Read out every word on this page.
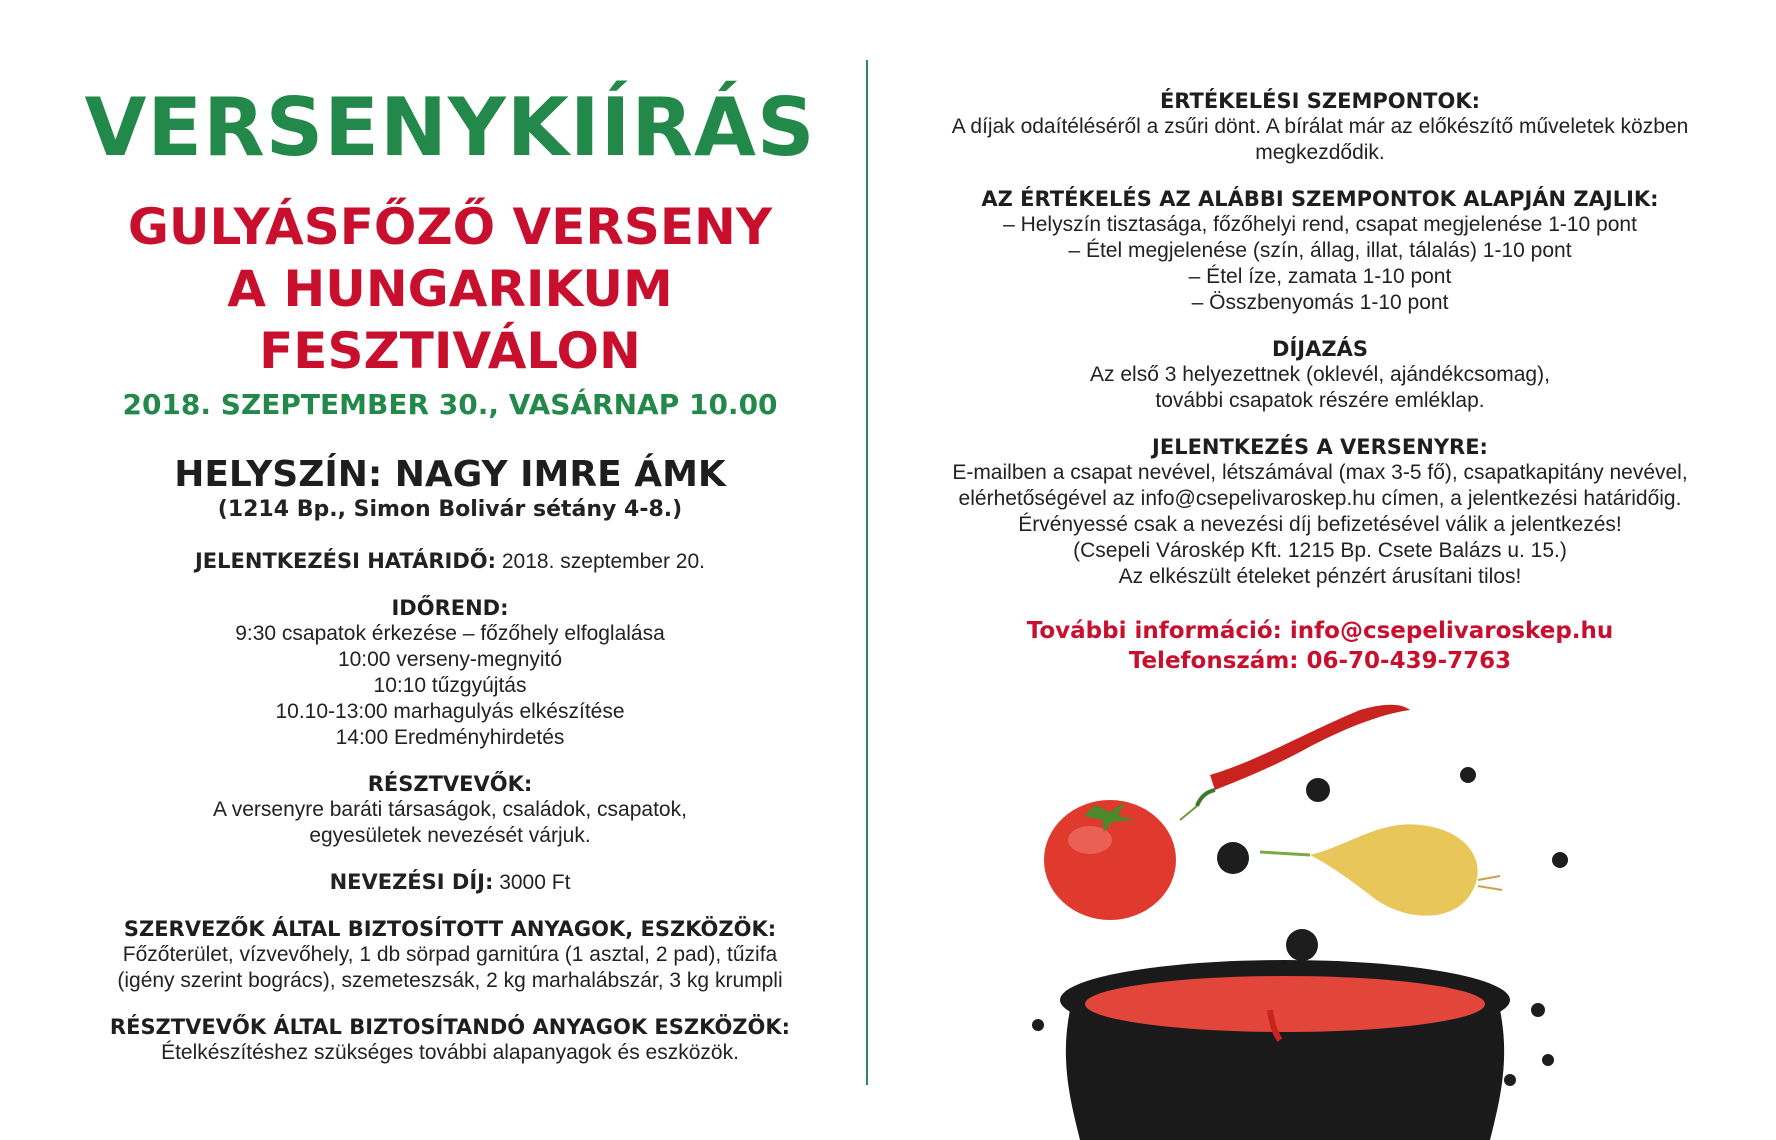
VERSENYKIÍRÁS
GULYÁSFŐZŐ VERSENY
A HUNGARIKUM
FESZTIVÁLON
2018. SZEPTEMBER 30., VASÁRNAP 10.00
HELYSZÍN: NAGY IMRE ÁMK
(1214 Bp., Simon Bolivár sétány 4-8.)
JELENTKEZÉSI HATÁRIDŐ: 2018. szeptember 20.
IDŐREND:
9:30 csapatok érkezése – főzőhely elfoglalása
10:00 verseny-megnyitó
10:10 tűzgyújtás
10.10-13:00 marhagulyás elkészítése
14:00 Eredményhirdetés
RÉSZTVEVŐK:
A versenyre baráti társaságok, családok, csapatok,
egyesületek nevezését várjuk.
NEVEZÉSI DÍJ: 3000 Ft
SZERVEZŐK ÁLTAL BIZTOSÍTOTT ANYAGOK, ESZKÖZÖK:
Főzőterület, vízvevőhely, 1 db sörpad garnitúra (1 asztal, 2 pad), tűzifa
(igény szerint bogrács), szemeteszsák, 2 kg marhalábszár, 3 kg krumpli
RÉSZTVEVŐK ÁLTAL BIZTOSÍTANDÓ ANYAGOK ESZKÖZÖK:
Ételkészítéshez szükséges további alapanyagok és eszközök.
ÉRTÉKELÉSI SZEMPONTOK:
A díjak odaítéléséről a zsűri dönt. A bírálat már az előkészítő műveletek közben
megkezdődik.
AZ ÉRTÉKELÉS AZ ALÁBBI SZEMPONTOK ALAPJÁN ZAJLIK:
– Helyszín tisztasága, főzőhelyi rend, csapat megjelenése 1-10 pont
– Étel megjelenése (szín, állag, illat, tálalás) 1-10 pont
– Étel íze, zamata 1-10 pont
– Összbenyomás 1-10 pont
DÍJAZÁS
Az első 3 helyezettnek (oklevél, ajándékcsomag),
további csapatok részére emléklap.
JELENTKEZÉS A VERSENYRE:
E-mailben a csapat nevével, létszámával (max 3-5 fő), csapatkapitány nevével,
elérhetőségével az info@csepelivaroskep.hu címen, a jelentkezési határidőig.
Érvényessé csak a nevezési díj befizetésével válik a jelentkezés!
(Csepeli Városkép Kft. 1215 Bp. Csete Balázs u. 15.)
Az elkészült ételeket pénzért árusítani tilos!
További információ: info@csepelivaroskep.hu
Telefonszám: 06-70-439-7763
